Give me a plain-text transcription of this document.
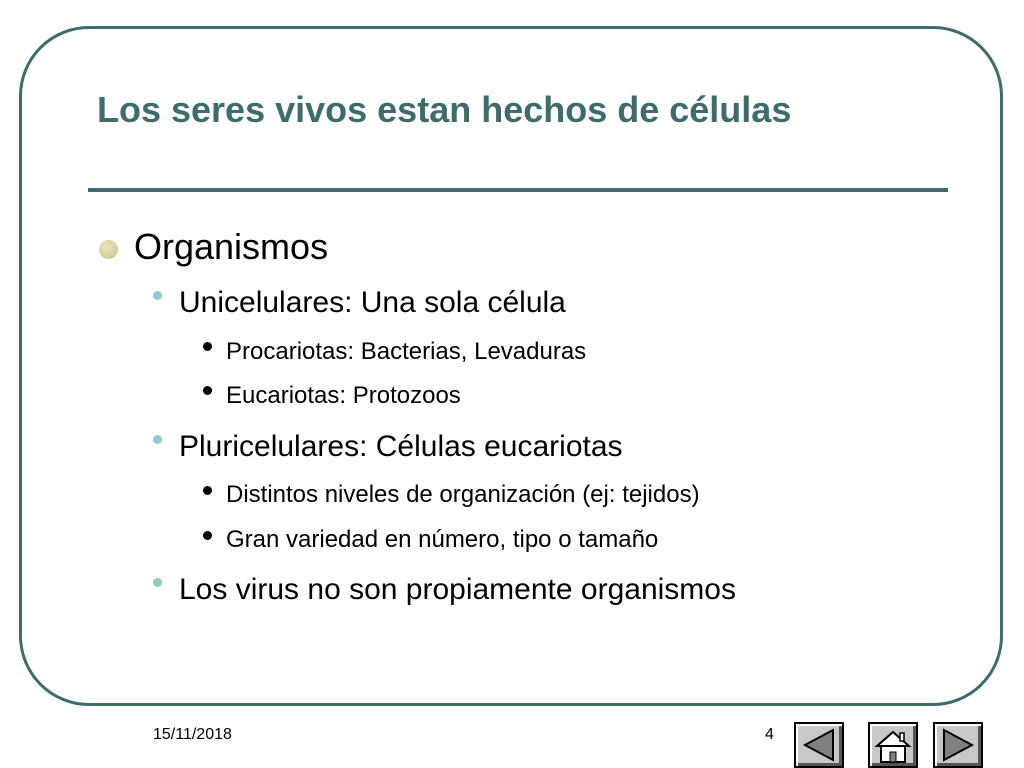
Los seres vivos estan hechos de células

Organismos

Unicelulares: Una sola célula

Procariotas: Bacterias, Levaduras

Eucariotas: Protozoos

Pluricelulares: Células eucariotas

Distintos niveles de organización (ej: tejidos)

Gran variedad en número, tipo o tamaño

Los virus no son propiamente organismos

15/11/2018	4
